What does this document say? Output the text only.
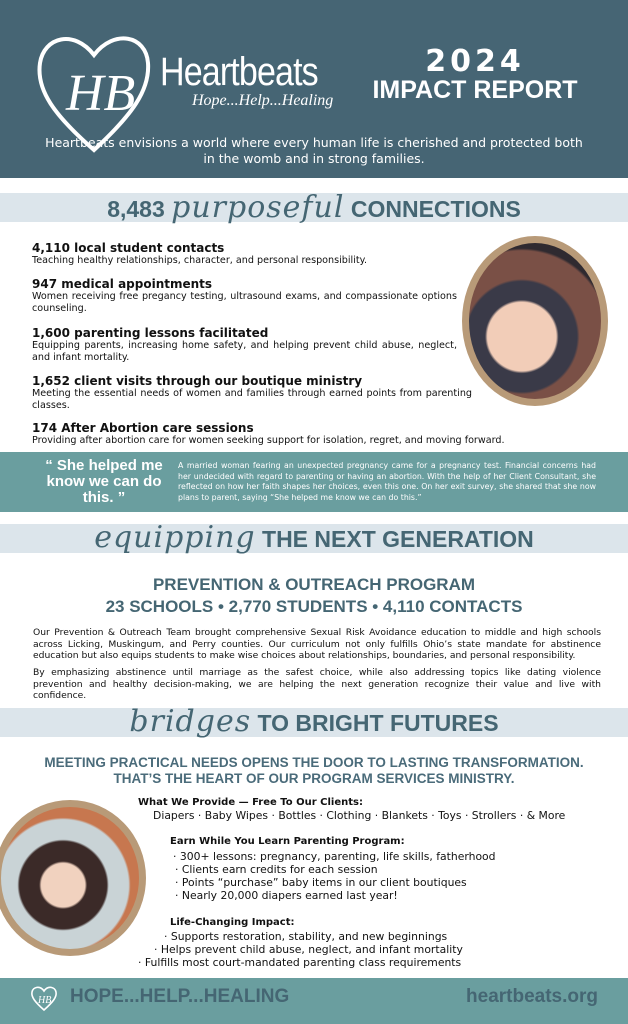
HB Heartbeats
Hope...Help...Healing
2024
IMPACT REPORT
Heartbeats envisions a world where every human life is cherished and protected both in the womb and in strong families.
8,483 purposeful CONNECTIONS
4,110 local student contacts

Teaching healthy relationships, character, and personal responsibility.

947 medical appointments

Women receiving free pregancy testing, ultrasound exams, and compassionate options counseling.

1,600 parenting lessons facilitated

Equipping parents, increasing home safety, and helping prevent child abuse, neglect, and infant mortality.

1,652 client visits through our boutique ministry

Meeting the essential needs of women and families through earned points from parenting classes.

174 After Abortion care sessions

Providing after abortion care for women seeking support for isolation, regret, and moving forward.

“ She helped me know we can do this. ”
A married woman fearing an unexpected pregnancy came for a pregnancy test. Financial concerns had her undecided with regard to parenting or having an abortion. With the help of her Client Consultant, she reflected on how her faith shapes her choices, even this one. On her exit survey, she shared that she now plans to parent, saying “She helped me know we can do this.”
equipping THE NEXT GENERATION
PREVENTION & OUTREACH PROGRAM
23 SCHOOLS • 2,770 STUDENTS • 4,110 CONTACTS
Our Prevention & Outreach Team brought comprehensive Sexual Risk Avoidance education to middle and high schools across Licking, Muskingum, and Perry counties. Our curriculum not only fulfills Ohio’s state mandate for abstinence education but also equips students to make wise choices about relationships, boundaries, and personal responsibility.
By emphasizing abstinence until marriage as the safest choice, while also addressing topics like dating violence prevention and healthy decision-making, we are helping the next generation recognize their value and live with confidence.
bridges TO BRIGHT FUTURES
MEETING PRACTICAL NEEDS OPENS THE DOOR TO LASTING TRANSFORMATION.
THAT’S THE HEART OF OUR PROGRAM SERVICES MINISTRY.
What We Provide — Free To Our Clients:
Diapers · Baby Wipes · Bottles · Clothing · Blankets · Toys · Strollers · & More
Earn While You Learn Parenting Program:
· 300+ lessons: pregnancy, parenting, life skills, fatherhood
· Clients earn credits for each session
· Points “purchase” baby items in our client boutiques
· Nearly 20,000 diapers earned last year!
Life-Changing Impact:
· Supports restoration, stability, and new beginnings
· Helps prevent child abuse, neglect, and infant mortality
· Fulfills most court-mandated parenting class requirements
HB HOPE...HELP...HEALING	heartbeats.org
